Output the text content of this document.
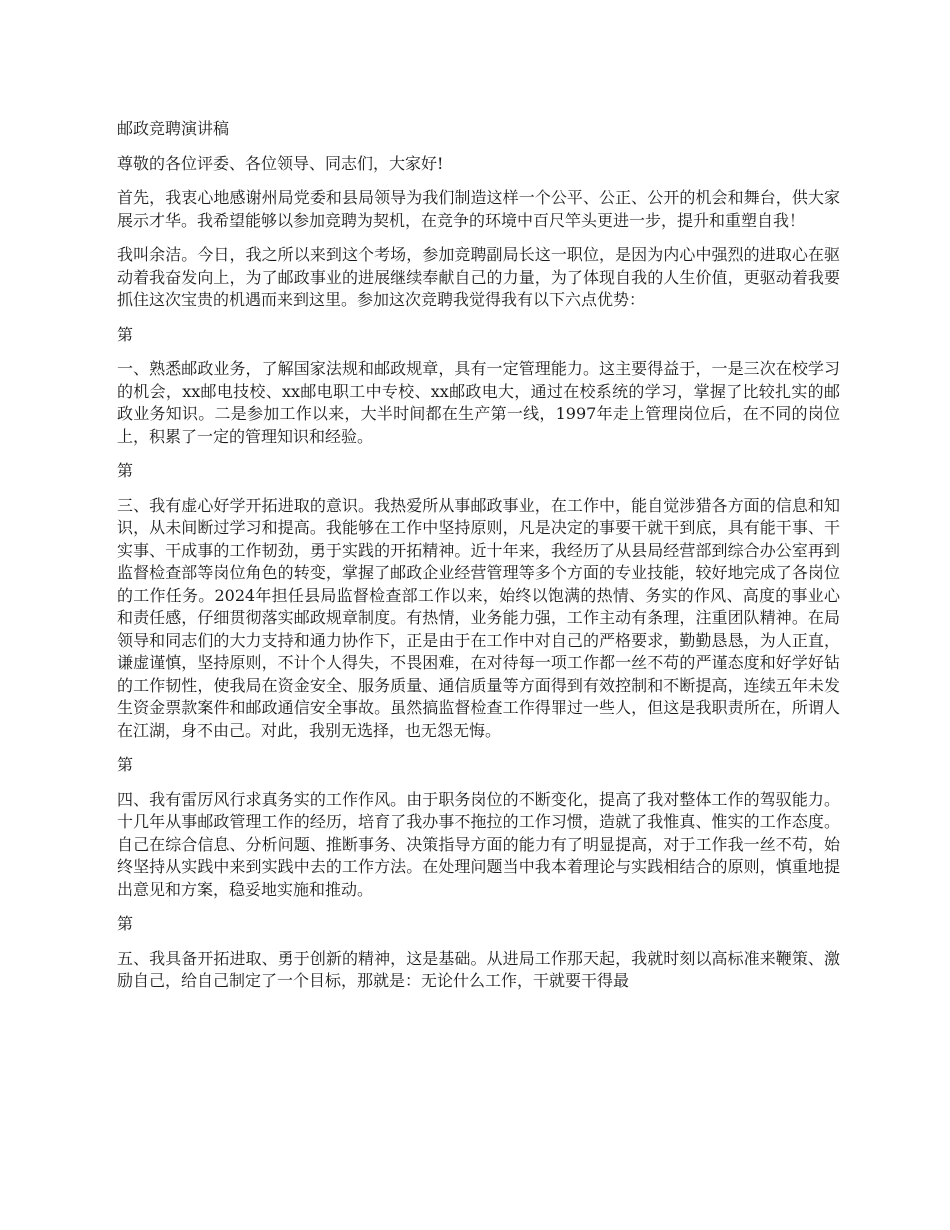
邮政竞聘演讲稿

尊敬的各位评委、各位领导、同志们，大家好!

首先，我衷心地感谢州局党委和县局领导为我们制造这样一个公平、公正、公开的机会和舞台，供大家展示才华。我希望能够以参加竞聘为契机，在竞争的环境中百尺竿头更进一步，提升和重塑自我！

我叫余洁。今日，我之所以来到这个考场，参加竞聘副局长这一职位，是因为内心中强烈的进取心在驱动着我奋发向上，为了邮政事业的进展继续奉献自己的力量，为了体现自我的人生价值，更驱动着我要抓住这次宝贵的机遇而来到这里。参加这次竞聘我觉得我有以下六点优势：

第

一、熟悉邮政业务，了解国家法规和邮政规章，具有一定管理能力。这主要得益于，一是三次在校学习的机会，xx邮电技校、xx邮电职工中专校、xx邮政电大，通过在校系统的学习，掌握了比较扎实的邮政业务知识。二是参加工作以来，大半时间都在生产第一线，1997年走上管理岗位后，在不同的岗位上，积累了一定的管理知识和经验。

第

三、我有虚心好学开拓进取的意识。我热爱所从事邮政事业，在工作中，能自觉涉猎各方面的信息和知识，从未间断过学习和提高。我能够在工作中坚持原则，凡是决定的事要干就干到底，具有能干事、干实事、干成事的工作韧劲，勇于实践的开拓精神。近十年来，我经历了从县局经营部到综合办公室再到监督检查部等岗位角色的转变，掌握了邮政企业经营管理等多个方面的专业技能，较好地完成了各岗位的工作任务。2024年担任县局监督检查部工作以来，始终以饱满的热情、务实的作风、高度的事业心和责任感，仔细贯彻落实邮政规章制度。有热情，业务能力强，工作主动有条理，注重团队精神。在局领导和同志们的大力支持和通力协作下，正是由于在工作中对自己的严格要求，勤勤恳恳，为人正直，谦虚谨慎，坚持原则，不计个人得失，不畏困难，在对待每一项工作都一丝不苟的严谨态度和好学好钻的工作韧性，使我局在资金安全、服务质量、通信质量等方面得到有效控制和不断提高，连续五年未发生资金票款案件和邮政通信安全事故。虽然搞监督检查工作得罪过一些人，但这是我职责所在，所谓人在江湖，身不由己。对此，我别无选择，也无怨无悔。

第

四、我有雷厉风行求真务实的工作作风。由于职务岗位的不断变化，提高了我对整体工作的驾驭能力。十几年从事邮政管理工作的经历，培育了我办事不拖拉的工作习惯，造就了我惟真、惟实的工作态度。自己在综合信息、分析问题、推断事务、决策指导方面的能力有了明显提高，对于工作我一丝不苟，始终坚持从实践中来到实践中去的工作方法。在处理问题当中我本着理论与实践相结合的原则，慎重地提出意见和方案，稳妥地实施和推动。

第

五、我具备开拓进取、勇于创新的精神，这是基础。从进局工作那天起，我就时刻以高标准来鞭策、激励自己，给自己制定了一个目标，那就是：无论什么工作，干就要干得最
